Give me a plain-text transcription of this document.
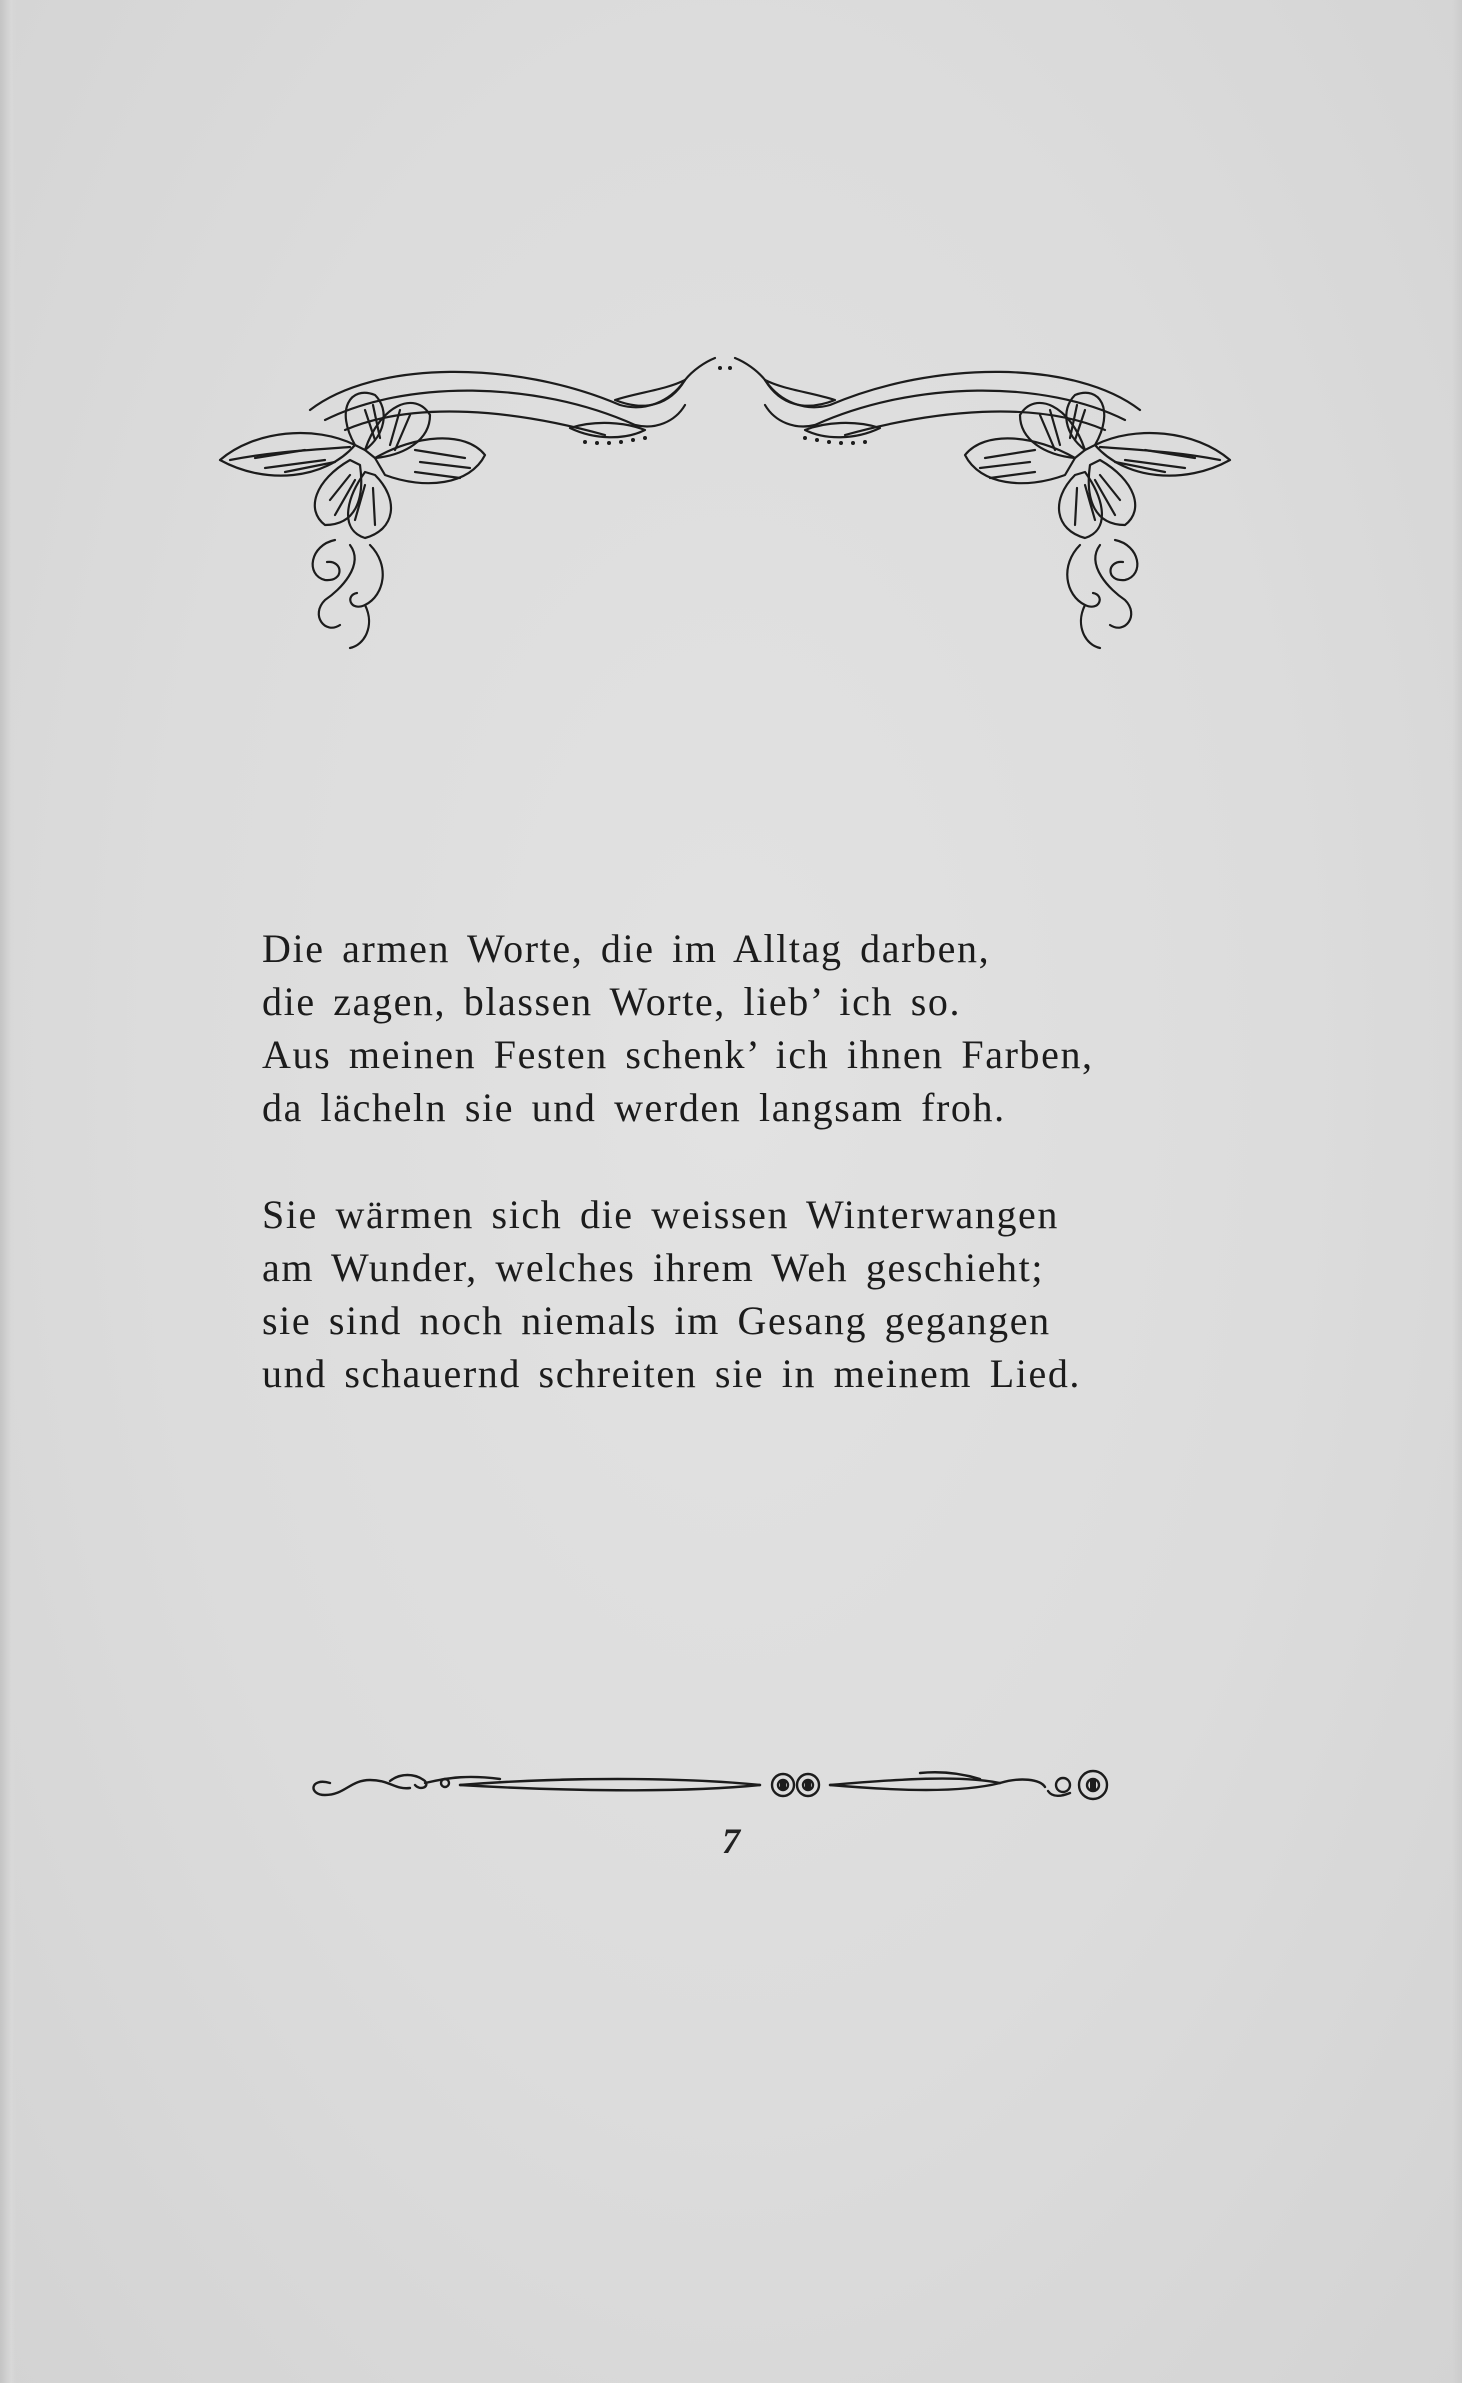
Die armen Worte, die im Alltag darben,
die zagen, blassen Worte, lieb’ ich so.
Aus meinen Festen schenk’ ich ihnen Farben,
da lächeln sie und werden langsam froh.

Sie wärmen sich die weissen Winterwangen
am Wunder, welches ihrem Weh geschieht;
sie sind noch niemals im Gesang gegangen
und schauernd schreiten sie in meinem Lied.

7
